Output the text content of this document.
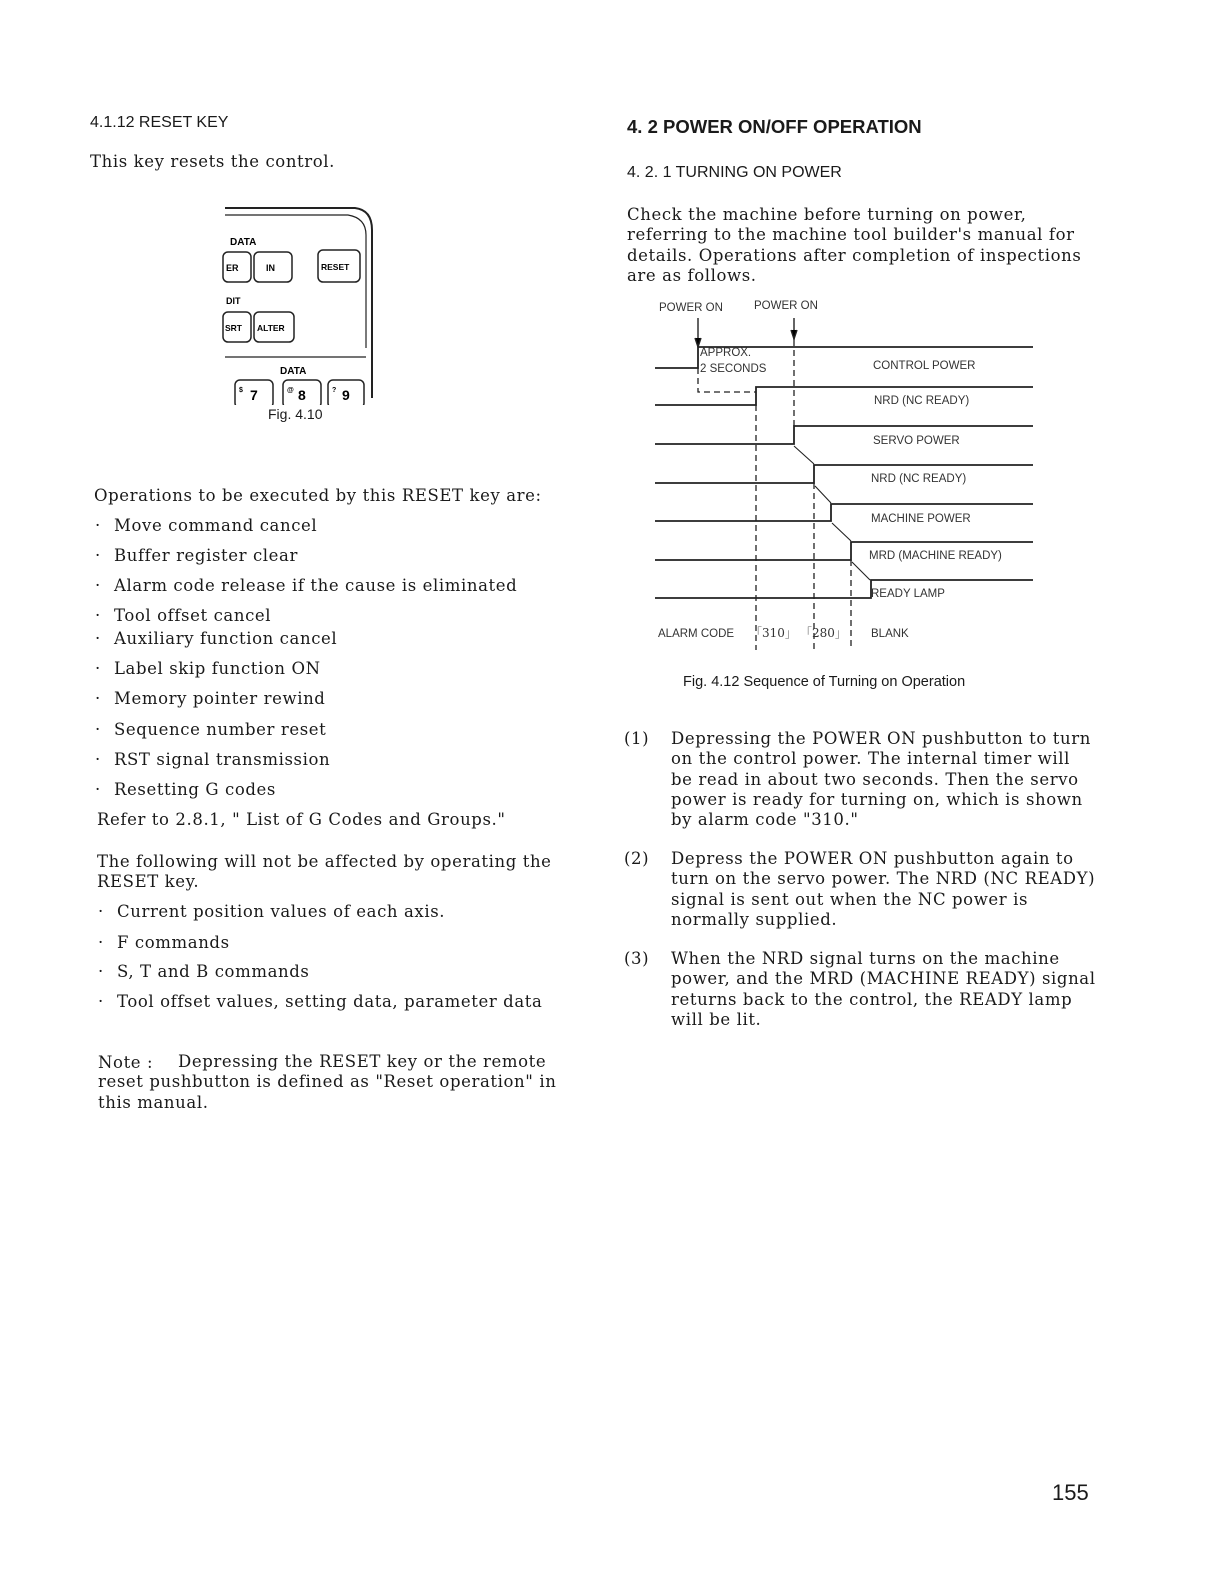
4.1.12 RESET KEY
This key resets the control.
DATA
ER	IN	RESET
DIT
SRT ALTER
DATA
$ 7	@ 8	? 9
Fig. 4.10
Operations to be executed by this RESET key are:
Refer to 2.8.1, " List of G Codes and Groups."
The following will not be affected by operating the RESET key.
Note :	Depressing the RESET key or the remote reset pushbutton is defined as "Reset operation" in this manual.
4. 2 POWER ON/OFF OPERATION
4. 2. 1 TURNING ON POWER
Check the machine before turning on power, referring to the machine tool builder's manual for details. Operations after completion of inspections are as follows.
POWER ON	POWER ON
APPROX.
2 SECONDS	CONTROL POWER
NRD (NC READY)
SERVO POWER
NRD (NC READY)
MACHINE POWER
MRD (MACHINE READY)
READY LAMP
ALARM CODE 「310」 「280」 BLANK
Fig. 4.12 Sequence of Turning on Operation
155
· Move command cancel
· Buffer register clear
· Alarm code release if the cause is eliminated
· Tool offset cancel
· Auxiliary function cancel
· Label skip function ON
· Memory pointer rewind
· Sequence number reset
· RST signal transmission
· Resetting G codes
· Current position values of each axis.
· F commands
· S, T and B commands
· Tool offset values, setting data, parameter data
(1) Depressing the POWER ON pushbutton to turn on the control power. The internal timer will be read in about two seconds. Then the servo power is ready for turning on, which is shown by alarm code "310."
(2) Depress the POWER ON pushbutton again to turn on the servo power. The NRD (NC READY) signal is sent out when the NC power is normally supplied.
(3) When the NRD signal turns on the machine power, and the MRD (MACHINE READY) signal returns back to the control, the READY lamp will be lit.
